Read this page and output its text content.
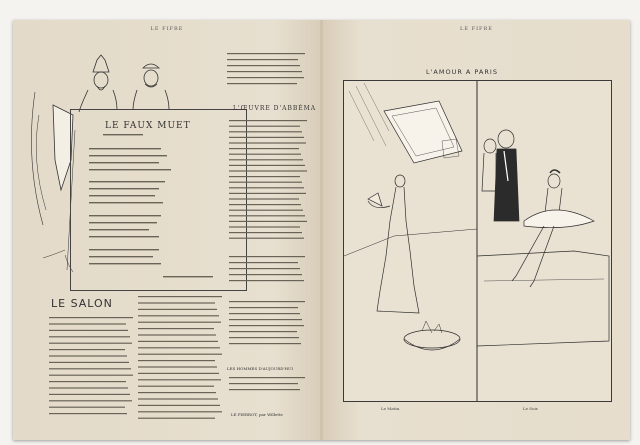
LE FIFRE
LE FAUX MUET
LE SALON
L'ŒUVRE D'ABBÉMA
LES HOMMES D'AUJOURD'HUI
LE PIERROT, par Willette
LE FIFRE
L'AMOUR A PARIS
Le Matin.	Le Soir.
